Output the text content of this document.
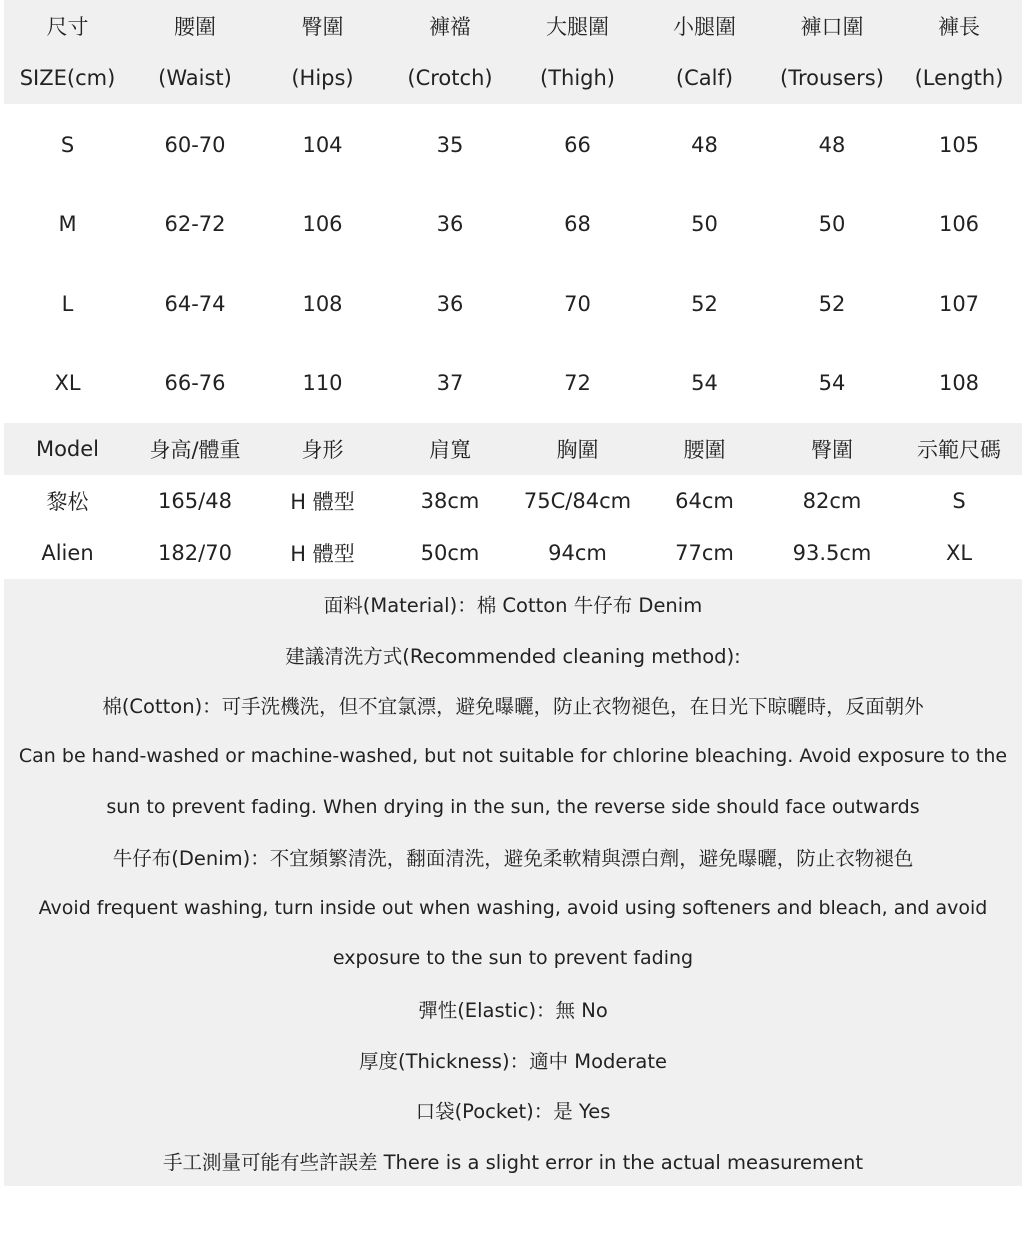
尺寸	腰圍	臀圍	褲襠	大腿圍	小腿圍	褲口圍	褲長
SIZE(cm)	(Waist)	(Hips)	(Crotch)	(Thigh)	(Calf)	(Trousers)	(Length)
S	60-70	104	35	66	48	48	105
M	62-72	106	36	68	50	50	106
L	64-74	108	36	70	52	52	107
XL	66-76	110	37	72	54	54	108
Model	身高/體重	身形	肩寬	胸圍	腰圍	臀圍	示範尺碼
黎松	165/48	H 體型	38cm	75C/84cm	64cm	82cm	S
Alien	182/70	H 體型	50cm	94cm	77cm	93.5cm	XL
面料(Material)：棉 Cotton 牛仔布 Denim
建議清洗方式(Recommended cleaning method):
棉(Cotton)：可手洗機洗，但不宜氯漂，避免曝曬，防止衣物褪色，在日光下晾曬時，反面朝外
Can be hand-washed or machine-washed, but not suitable for chlorine bleaching. Avoid exposure to the
sun to prevent fading. When drying in the sun, the reverse side should face outwards
牛仔布(Denim)：不宜頻繁清洗，翻面清洗，避免柔軟精與漂白劑，避免曝曬，防止衣物褪色
Avoid frequent washing, turn inside out when washing, avoid using softeners and bleach, and avoid
exposure to the sun to prevent fading
彈性(Elastic)：無 No
厚度(Thickness)：適中 Moderate
口袋(Pocket)：是 Yes
手工測量可能有些許誤差 There is a slight error in the actual measurement
